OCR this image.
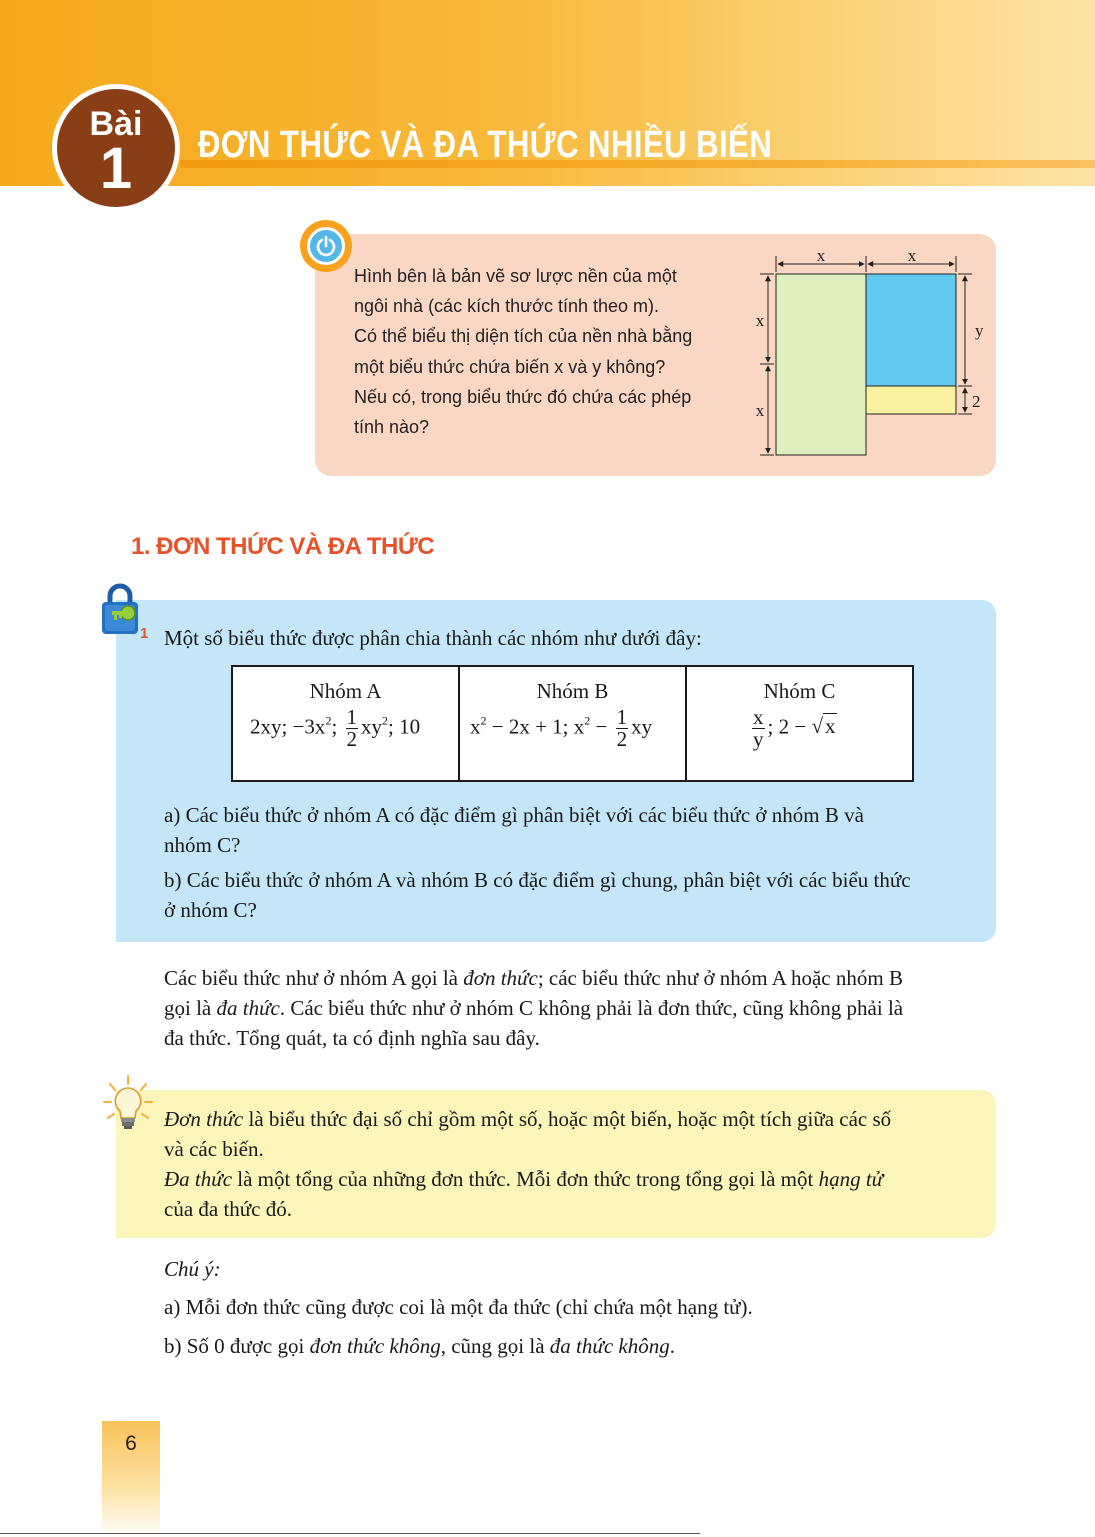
Bài
1	ĐƠN THỨC VÀ ĐA THỨC NHIỀU BIẾN
Hình bên là bản vẽ sơ lược nền của một
ngôi nhà (các kích thước tính theo m).
Có thể biểu thị diện tích của nền nhà bằng
một biểu thức chứa biến x và y không?
Nếu có, trong biểu thức đó chứa các phép
tính nào?
x	x
x
x
y
2
1. ĐƠN THỨC VÀ ĐA THỨC
1 Một số biểu thức được phân chia thành các nhóm như dưới đây:
Nhóm A
2xy; $-3x^2$; $\frac{1}{2} xy^2$; 10
Nhóm B
$x^2 - 2x + 1$; $x^2 - \frac{1}{2}$ xy
Nhóm C
$\frac{x}{y}$ ; 2 − √x
a) Các biểu thức ở nhóm A có đặc điểm gì phân biệt với các biểu thức ở nhóm B và
nhóm C?
b) Các biểu thức ở nhóm A và nhóm B có đặc điểm gì chung, phân biệt với các biểu thức
ở nhóm C?
Các biểu thức như ở nhóm A gọi là đơn thức; các biểu thức như ở nhóm A hoặc nhóm B
gọi là đa thức. Các biểu thức như ở nhóm C không phải là đơn thức, cũng không phải là
đa thức. Tổng quát, ta có định nghĩa sau đây.
Đơn thức là biểu thức đại số chỉ gồm một số, hoặc một biến, hoặc một tích giữa các số
và các biến.
Đa thức là một tổng của những đơn thức. Mỗi đơn thức trong tổng gọi là một hạng tử
của đa thức đó.
Chú ý:
a) Mỗi đơn thức cũng được coi là một đa thức (chỉ chứa một hạng tử).
b) Số 0 được gọi đơn thức không, cũng gọi là đa thức không.
6
